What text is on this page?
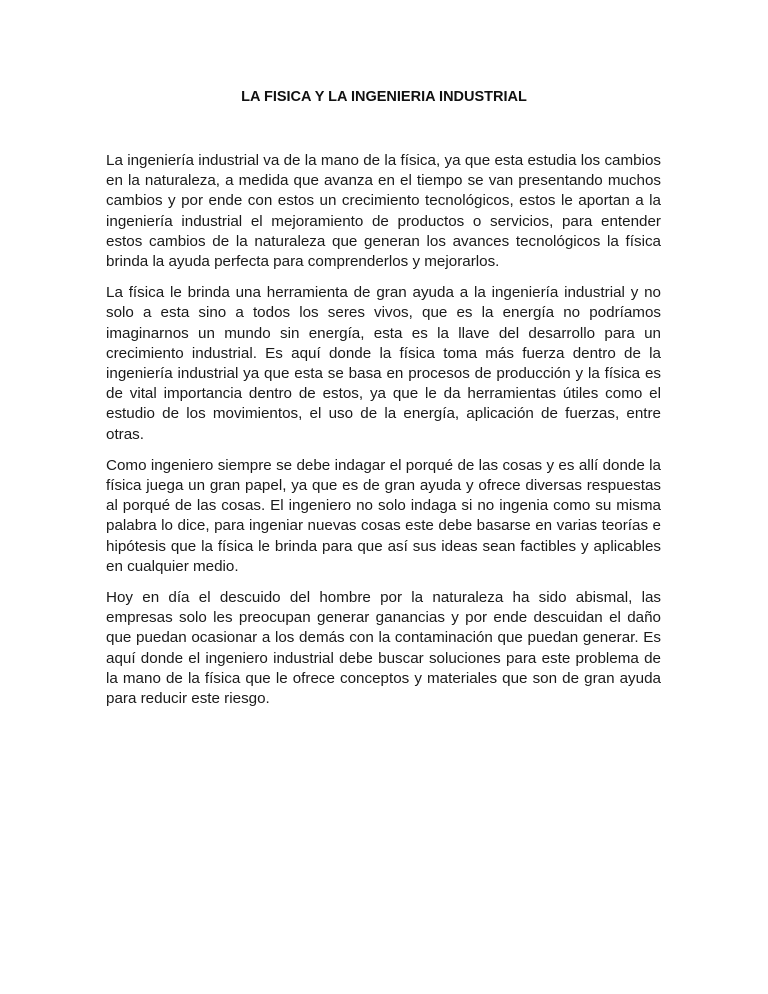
LA FISICA Y LA INGENIERIA INDUSTRIAL

La ingeniería industrial va de la mano de la física, ya que esta estudia los cambios en la naturaleza, a medida que avanza en el tiempo se van presentando muchos cambios y por ende con estos un crecimiento tecnológicos, estos le aportan a la ingeniería industrial el mejoramiento de productos o servicios, para entender estos cambios de la naturaleza que generan los avances tecnológicos la física brinda la ayuda perfecta para comprenderlos y mejorarlos.

La física le brinda una herramienta de gran ayuda a la ingeniería industrial y no solo a esta sino a todos los seres vivos, que es la energía no podríamos imaginarnos un mundo sin energía, esta es la llave del desarrollo para un crecimiento industrial. Es aquí donde la física toma más fuerza dentro de la ingeniería industrial ya que esta se basa en procesos de producción y la física es de vital importancia dentro de estos, ya que le da herramientas útiles como el estudio de los movimientos, el uso de la energía, aplicación de fuerzas, entre otras.

Como ingeniero siempre se debe indagar el porqué de las cosas y es allí donde la física juega un gran papel, ya que es de gran ayuda y ofrece diversas respuestas al porqué de las cosas. El ingeniero no solo indaga si no ingenia como su misma palabra lo dice, para ingeniar nuevas cosas este debe basarse en varias teorías e hipótesis que la física le brinda para que así sus ideas sean factibles y aplicables en cualquier medio.

Hoy en día el descuido del hombre por la naturaleza ha sido abismal, las empresas solo les preocupan generar ganancias y por ende descuidan el daño que puedan ocasionar a los demás con la contaminación que puedan generar. Es aquí donde el ingeniero industrial debe buscar soluciones para este problema de la mano de la física que le ofrece conceptos y materiales que son de gran ayuda para reducir este riesgo.
